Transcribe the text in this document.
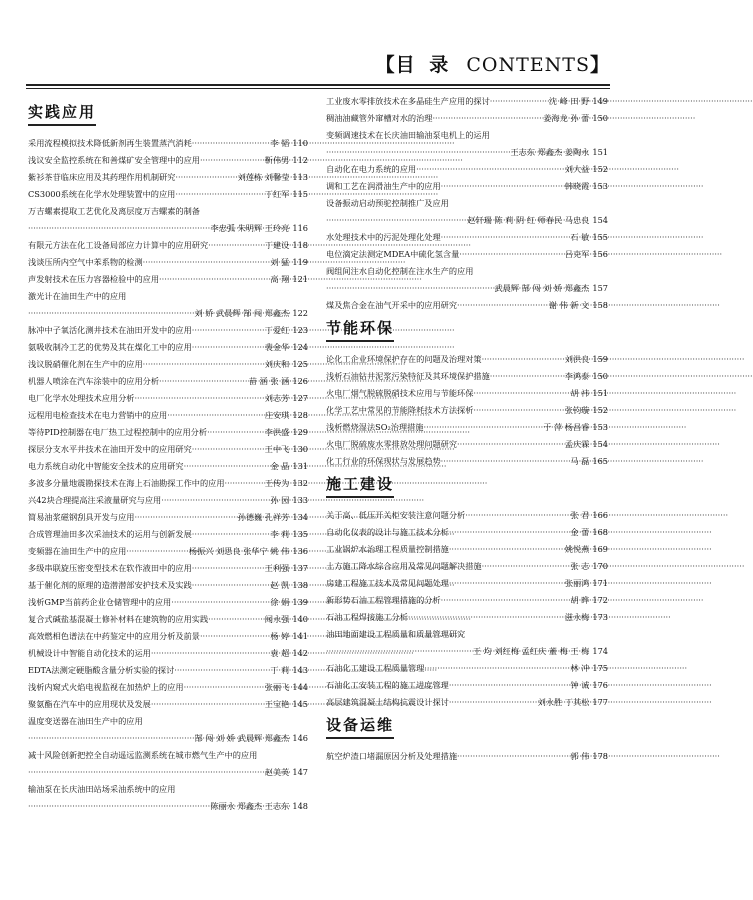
【目 录 CONTENTS】
实践应用
采用流程模拟技术降低新剂再生装置蒸汽消耗 ·····	李 韬 110
浅议安全监控系统在和善煤矿安全管理中的应用 ·····	靳伟男 112
紫衫茶苷临床应用及其药理作用机制研究 ·····	刘莲栋 刘馨莹 113
CS3000系统在化学水处理装置中的应用 ·····	丁红军 115
万吉螺素提取工艺优化及离层度万吉螺素的制备
·····
李忠弧 朱明辉 王玲亮 116
有限元方法在化工设备局部应力计算中的应用研究 ·····	丁建设 118
浅谈压所内空气中苯系物的检测 ·····	刘 猛 119
声发射技术在压力容器检验中的应用 ·····	高 翔 121
激光计在油田生产中的应用
·····
刘 娇 武晨辉 郜 闯 郑鑫杰 122
脉冲中子氧活化测井技术在油田开发中的应用 ·····	丁爱红 123
氨吸收制冷工艺的优势及其在煤化工中的应用 ·····	裴金华 124
浅议脱硝催化剂在生产中的应用 ·····	刘庆和 125
机器人喷涂在汽车涂装中的应用分析 ·····	苗 涵 张 涵 126
电厂化学水处理技术应用分析 ·····	刘志芳 127
远程用电检查技术在电力营销中的应用 ·····	庄安琪 128
等待PID控制器在电厂热工过程控制中的应用分析 ·····	李洪盛 129
探层分支水平井技术在油田开发中的应用研究 ·····	王中飞 130
电力系统自动化中智能安全技术的应用研究 ·····	金 晶 131
多波多分量地震勘探技术在海上石油勘探工作中的应用 ·····	王传为 132
兴42块合理提高注采液量研究与应用 ·····	孙 园 133
简易油浆磁钢刮具开发与应用 ·····	孙德巍 孔祥芳 134
合成管理油田多次采油技术的运用与创新发展 ·····	李 莉 135
变频器在油田生产中的应用 ·····	杨振兴 刘思良 张华宁 姚 伟 136
多级串联旋压密变型技术在软作液田中的应用 ·····	王利强 137
基于催化剂的原理的造潜潜部安护技术及实践 ·····	赵 凯 138
浅析GMP当前药企业仓储管理中的应用 ·····	徐 娟 139
复合式碱盐基混凝土修补材料在建筑物的应用实践 ·····	闻永强 140
高效燃相色谱法在中药鉴定中的应用分析及前景 ·····	杨 婷 141
机械设计中智能自动化技术的运用 ·····	袁 超 142
EDTA法测定硬脂酸含量分析实验的探讨 ·····	丁 莉 143
浅析内窥式火焰电视监视在加热炉上的应用 ·····	张丽飞 144
聚氨酯在汽车中的应用现状及发展 ·····	王宝艳 145
温度变送器在油田生产中的应用
·····
郜 闯 刘 娇 武晨辉 郑鑫杰 146
减十风险创新把控全自动遥远监测系统在城市燃气生产中的应用
·····
赵美英 147
输油泵在长庆油田站场采油系统中的应用
·····
陈丽永 郑鑫杰 王志东 148
工业废水零排放技术在多晶硅生产应用的探讨 ·····	沈 峰 田 野 149
稠油油藏管外窜槽对水的治理 ·····	姜海龙 孙 蕾 150
变频调速技术在长庆油田输油泵电机上的运用
·····
王志东 郑鑫杰 姜陶永 151
自动化在电力系统的应用 ·····	刘大益 152
调和工艺在润滑油生产中的应用 ·····	韩晓霞 153
设备振动启动预驼控制推广及应用
·····
赵轩瑞 陈 莉 阴 红 师春民 马忠良 154
水处理技术中的污泥处理化处理 ·····	石 敏 155
电位滴定法测定MDEA中硫化氢含量 ·····	吕克军 156
阀组间注水自动化控制在注水生产的应用
·····
武晨辉 郜 闯 刘 娇 郑鑫杰 157
煤及焦合金在油气开采中的应用研究 ·····	谢 伟 新 文 158
节能环保
论化工企业环境保护存在的问题及治理对策 ·····	刘洪良 159
浅析石油钻井泥浆污染特征及其环境保护措施 ·····	李鸿泰 150
火电厂烟气脱硫脱硝技术应用与节能环保 ·····	胡 祎 151
化学工艺中常见的节能降耗技术方法探析 ·····	张钧璇 152
浅析燃烧湿法SO₂治理措施 ·····	于 萍 杨昌睿 153
火电厂脱硫废水零排放处理问题研究 ·····	孟庆霖 154
化工行业的环保现状与发展趋势 ·····	马 磊 165
施工建设
关于高、低压开关柜安装注意问题分析 ·····	张 君 166
自动化仪表的设计与施工技术分析 ·····	金 蕾 168
工业锅炉水治理工程质量控制措施 ·····	姚悦燕 169
土方施工降水综合应用及常见问题解决措施 ·····	张 志 170
房建工程施工技术及常见问题处理 ·····	张丽鸿 171
新形势石油工程管理措施的分析 ·····	胡 晔 172
石油工程焊接施工分析 ·····	滋永梅 173
油田地面建设工程质量和质量管理研究
·····
王 均 刘红梅 孟红庆 董 梅 王 梅 174
石油化工建设工程质量管理 ·····	林 冲 175
石油化工安装工程的施工进度管理 ·····	钟 诚 176
高层建筑混凝土结构抗震设计探讨 ·····	刘永胜 丁其松 177
设备运维
航空炉渣口堵漏原因分析及处理措施 ·····	郭 伟 178
